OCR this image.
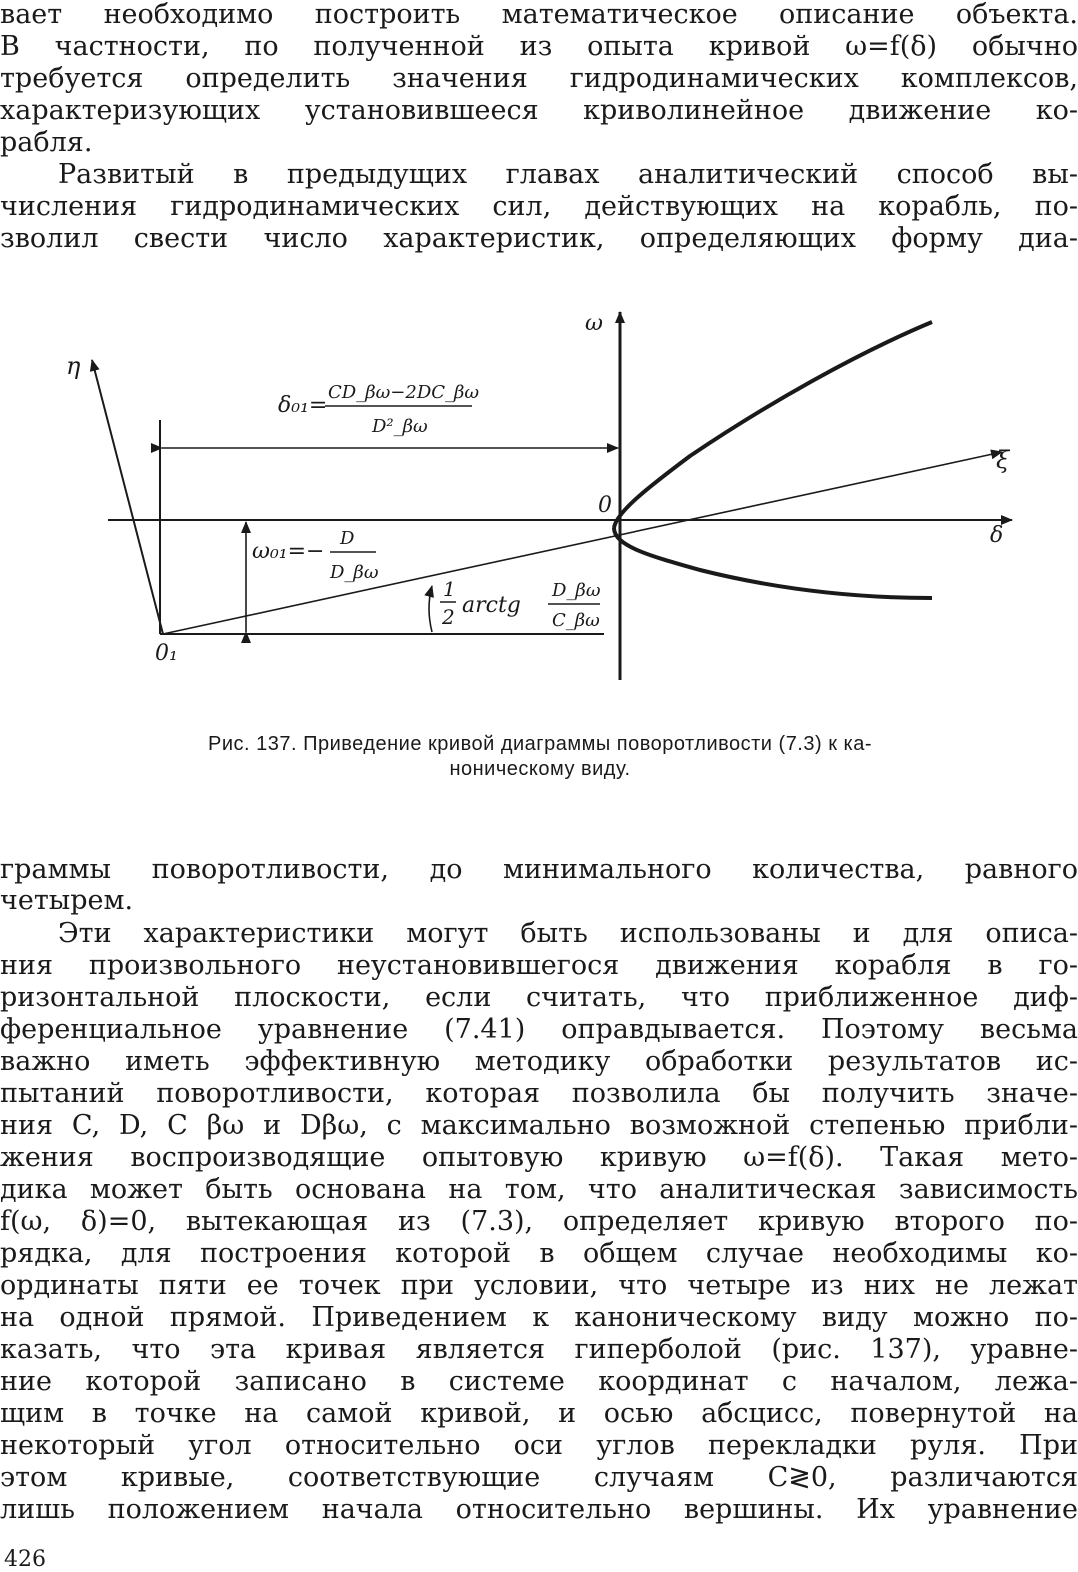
вает необходимо построить математическое описание объекта.
В частности, по полученной из опыта кривой ω=f(δ) обычно
требуется определить значения гидродинамических комплексов,
характеризующих установившееся криволинейное движение ко-
рабля.
Развитый в предыдущих главах аналитический способ вы-
числения гидродинамических сил, действующих на корабль, по-
зволил свести число характеристик, определяющих форму диа-
ω
η
ξ
δ
0
0₁
δ₀₁=
CD_βω−2DC_βω
D²_βω
ω₀₁=−
D
D_βω
1
2 arctg
D_βω
C_βω
Рис. 137. Приведение кривой диаграммы поворотливости (7.3) к ка-
ноническому виду.
граммы поворотливости, до минимального количества, равного
четырем.
Эти характеристики могут быть использованы и для описа-
ния произвольного неустановившегося движения корабля в го-
ризонтальной плоскости, если считать, что приближенное диф-
ференциальное уравнение (7.41) оправдывается. Поэтому весьма
важно иметь эффективную методику обработки результатов ис-
пытаний поворотливости, которая позволила бы получить значе-
ния C, D, C βω и Dβω, с максимально возможной степенью прибли-
жения воспроизводящие опытовую кривую ω=f(δ). Такая мето-
дика может быть основана на том, что аналитическая зависимость
f(ω, δ)=0, вытекающая из (7.3), определяет кривую второго по-
рядка, для построения которой в общем случае необходимы ко-
ординаты пяти ее точек при условии, что четыре из них не лежат
на одной прямой. Приведением к каноническому виду можно по-
казать, что эта кривая является гиперболой (рис. 137), уравне-
ние которой записано в системе координат с началом, лежа-
щим в точке на самой кривой, и осью абсцисс, повернутой на
некоторый угол относительно оси углов перекладки руля. При
этом кривые, соответствующие случаям C≷0, различаются
лишь положением начала относительно вершины. Их уравнение
426
